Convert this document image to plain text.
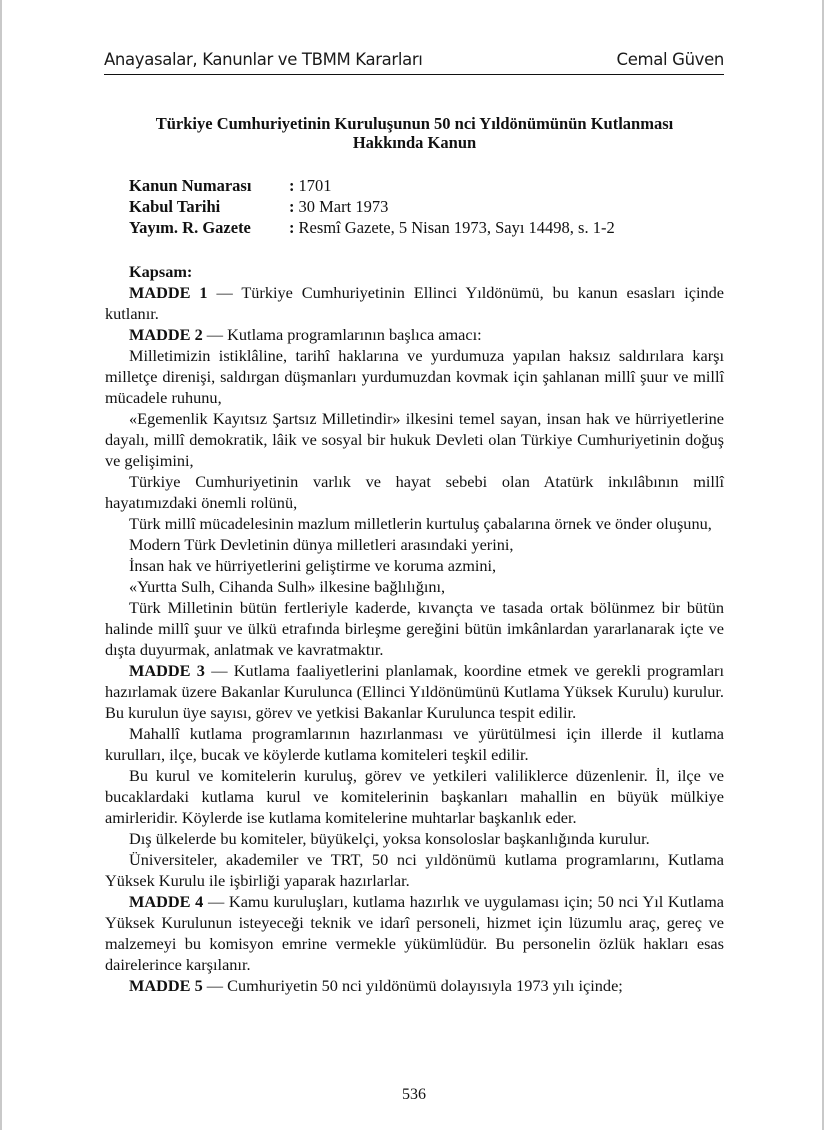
Anayasalar, Kanunlar ve TBMM Kararları	Cemal Güven
Türkiye Cumhuriyetinin Kuruluşunun 50 nci Yıldönümünün Kutlanması
Hakkında Kanun
Kanun Numarası	: 1701
Kabul Tarihi	: 30 Mart 1973
Yayım. R. Gazete	: Resmî Gazete, 5 Nisan 1973, Sayı 14498, s. 1-2
Kapsam:

MADDE 1 — Türkiye Cumhuriyetinin Ellinci Yıldönümü, bu kanun esasları içinde kutlanır.

MADDE 2 — Kutlama programlarının başlıca amacı:

Milletimizin istiklâline, tarihî haklarına ve yurdumuza yapılan haksız saldırılara karşı milletçe direnişi, saldırgan düşmanları yurdumuzdan kovmak için şahlanan millî şuur ve millî mücadele ruhunu,

«Egemenlik Kayıtsız Şartsız Milletindir» ilkesini temel sayan, insan hak ve hürriyetlerine dayalı, millî demokratik, lâik ve sosyal bir hukuk Devleti olan Türkiye Cumhuriyetinin doğuş ve gelişimini,

Türkiye Cumhuriyetinin varlık ve hayat sebebi olan Atatürk inkılâbının millî hayatımızdaki önemli rolünü,

Türk millî mücadelesinin mazlum milletlerin kurtuluş çabalarına örnek ve önder oluşunu,

Modern Türk Devletinin dünya milletleri arasındaki yerini,

İnsan hak ve hürriyetlerini geliştirme ve koruma azmini,

«Yurtta Sulh, Cihanda Sulh» ilkesine bağlılığını,

Türk Milletinin bütün fertleriyle kaderde, kıvançta ve tasada ortak bölünmez bir bütün halinde millî şuur ve ülkü etrafında birleşme gereğini bütün imkânlardan yararlanarak içte ve dışta duyurmak, anlatmak ve kavratmaktır.

MADDE 3 — Kutlama faaliyetlerini planlamak, koordine etmek ve gerekli programları hazırlamak üzere Bakanlar Kurulunca (Ellinci Yıldönümünü Kutlama Yüksek Kurulu) kurulur. Bu kurulun üye sayısı, görev ve yetkisi Bakanlar Kurulunca tespit edilir.

Mahallî kutlama programlarının hazırlanması ve yürütülmesi için illerde il kutlama kurulları, ilçe, bucak ve köylerde kutlama komiteleri teşkil edilir.

Bu kurul ve komitelerin kuruluş, görev ve yetkileri valiliklerce düzenlenir. İl, ilçe ve bucaklardaki kutlama kurul ve komitelerinin başkanları mahallin en büyük mülkiye amirleridir. Köylerde ise kutlama komitelerine muhtarlar başkanlık eder.

Dış ülkelerde bu komiteler, büyükelçi, yoksa konsoloslar başkanlığında kurulur.

Üniversiteler, akademiler ve TRT, 50 nci yıldönümü kutlama programlarını, Kutlama Yüksek Kurulu ile işbirliği yaparak hazırlarlar.

MADDE 4 — Kamu kuruluşları, kutlama hazırlık ve uygulaması için; 50 nci Yıl Kutlama Yüksek Kurulunun isteyeceği teknik ve idarî personeli, hizmet için lüzumlu araç, gereç ve malzemeyi bu komisyon emrine vermekle yükümlüdür. Bu personelin özlük hakları esas dairelerince karşılanır.

MADDE 5 — Cumhuriyetin 50 nci yıldönümü dolayısıyla 1973 yılı içinde;

536
